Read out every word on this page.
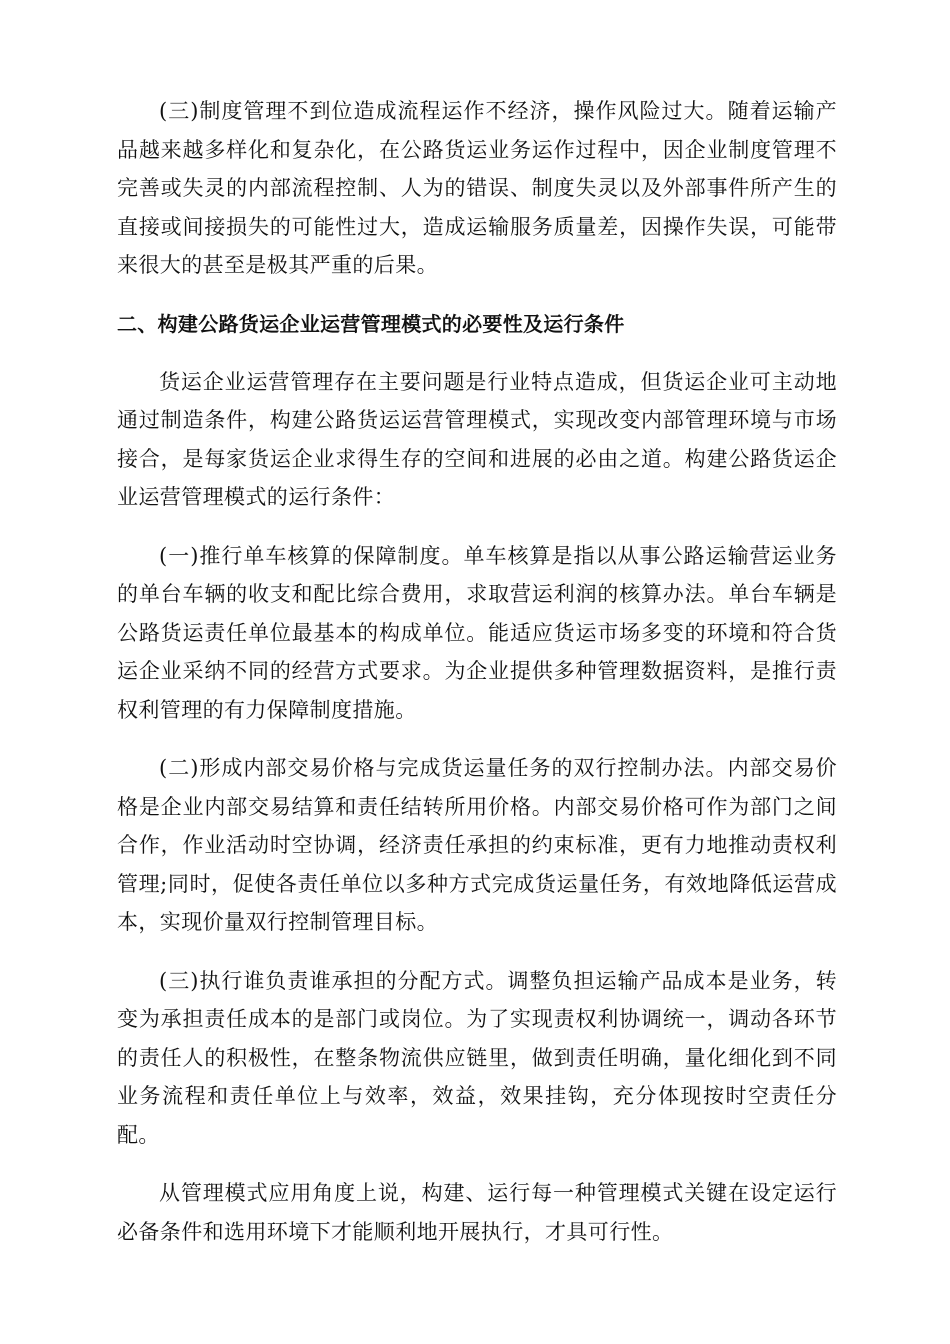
(三)制度管理不到位造成流程运作不经济，操作风险过大。随着运输产品越来越多样化和复杂化，在公路货运业务运作过程中，因企业制度管理不完善或失灵的内部流程控制、人为的错误、制度失灵以及外部事件所产生的直接或间接损失的可能性过大，造成运输服务质量差，因操作失误，可能带来很大的甚至是极其严重的后果。

二、构建公路货运企业运营管理模式的必要性及运行条件

货运企业运营管理存在主要问题是行业特点造成，但货运企业可主动地通过制造条件，构建公路货运运营管理模式，实现改变内部管理环境与市场接合，是每家货运企业求得生存的空间和进展的必由之道。构建公路货运企业运营管理模式的运行条件：

(一)推行单车核算的保障制度。单车核算是指以从事公路运输营运业务的单台车辆的收支和配比综合费用，求取营运利润的核算办法。单台车辆是公路货运责任单位最基本的构成单位。能适应货运市场多变的环境和符合货运企业采纳不同的经营方式要求。为企业提供多种管理数据资料，是推行责权利管理的有力保障制度措施。

(二)形成内部交易价格与完成货运量任务的双行控制办法。内部交易价格是企业内部交易结算和责任结转所用价格。内部交易价格可作为部门之间合作，作业活动时空协调，经济责任承担的约束标准，更有力地推动责权利管理;同时，促使各责任单位以多种方式完成货运量任务，有效地降低运营成本，实现价量双行控制管理目标。

(三)执行谁负责谁承担的分配方式。调整负担运输产品成本是业务，转变为承担责任成本的是部门或岗位。为了实现责权利协调统一，调动各环节的责任人的积极性，在整条物流供应链里，做到责任明确，量化细化到不同业务流程和责任单位上与效率，效益，效果挂钩，充分体现按时空责任分配。

从管理模式应用角度上说，构建、运行每一种管理模式关键在设定运行必备条件和选用环境下才能顺利地开展执行，才具可行性。
